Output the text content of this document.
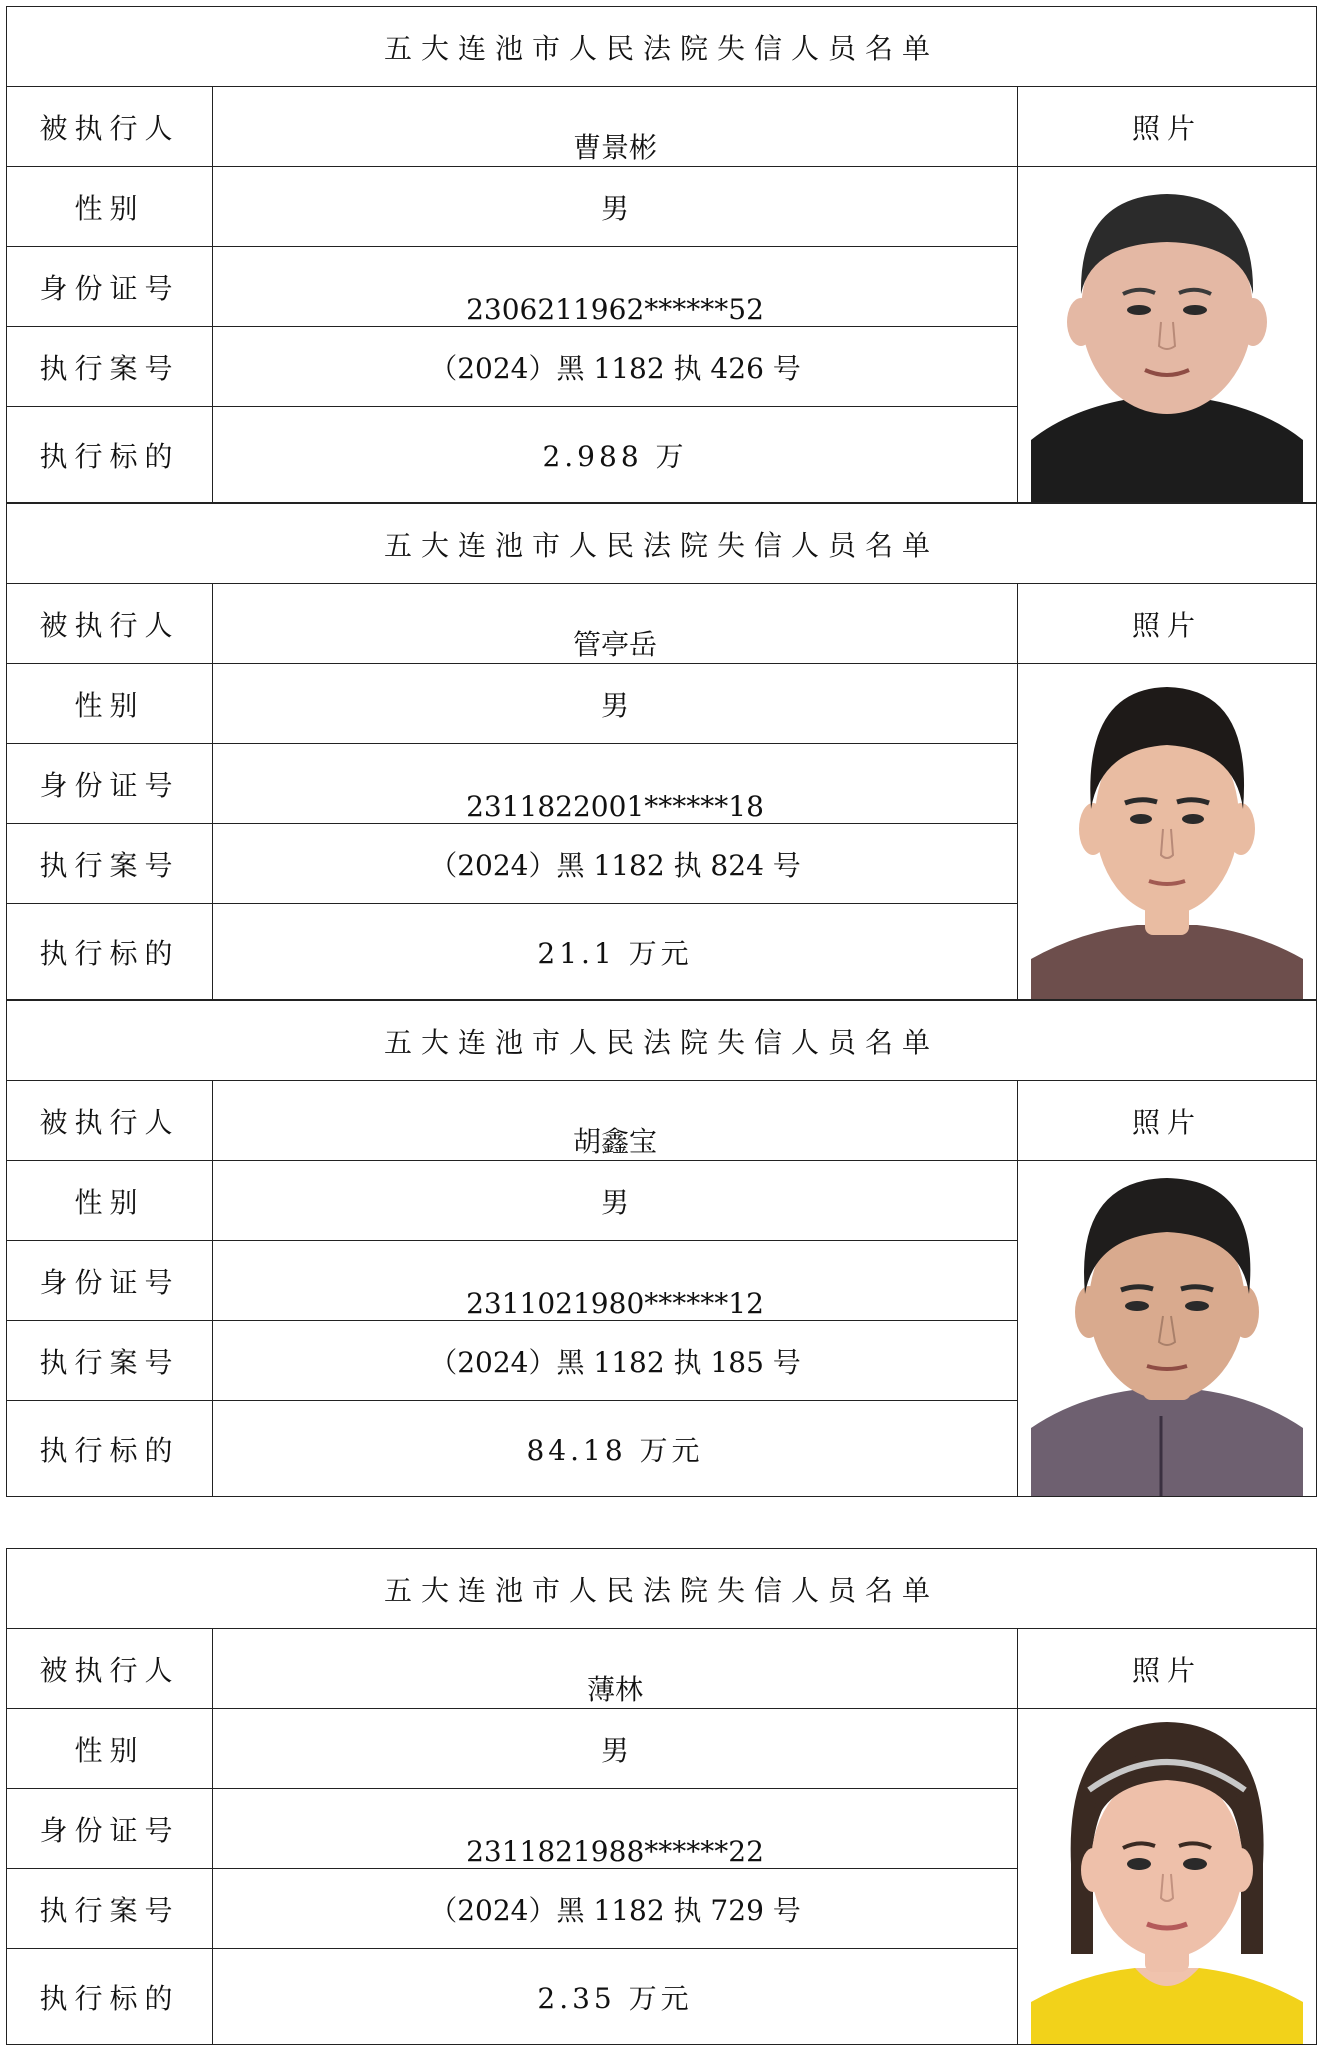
五大连池市人民法院失信人员名单		
被执行人	曹景彬	照片
性别	男	

身份证号	2306211962******52	
执行案号	（2024）黑 1182 执 426 号	
执行标的	2.988 万	
五大连池市人民法院失信人员名单		
被执行人	管亭岳	照片
性别	男	

身份证号	2311822001******18	
执行案号	（2024）黑 1182 执 824 号	
执行标的	21.1 万元	
五大连池市人民法院失信人员名单		
被执行人	胡鑫宝	照片
性别	男	

身份证号	2311021980******12	
执行案号	（2024）黑 1182 执 185 号	
执行标的	84.18 万元	
五大连池市人民法院失信人员名单		
被执行人	薄林	照片
性别	男	

身份证号	2311821988******22	
执行案号	（2024）黑 1182 执 729 号	
执行标的	2.35 万元	
